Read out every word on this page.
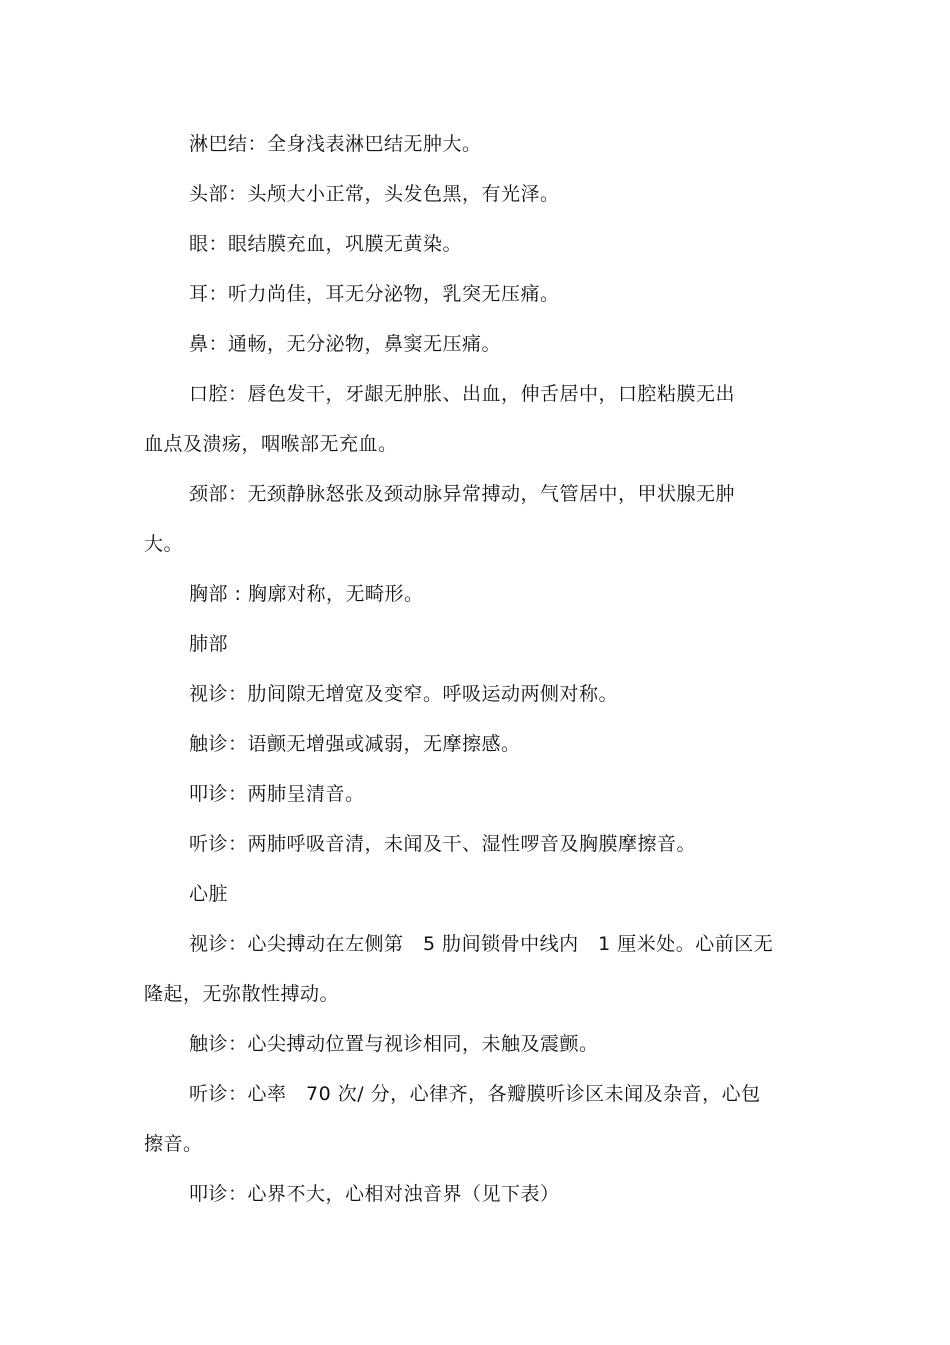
淋巴结：全身浅表淋巴结无肿大。
头部：头颅大小正常，头发色黑，有光泽。
眼：眼结膜充血，巩膜无黄染。
耳：听力尚佳，耳无分泌物，乳突无压痛。
鼻：通畅，无分泌物，鼻窦无压痛。
口腔：唇色发干，牙龈无肿胀、出血，伸舌居中，口腔粘膜无出
血点及溃疡，咽喉部无充血。
颈部：无颈静脉怒张及颈动脉异常搏动，气管居中，甲状腺无肿
大。
胸部 : 胸廓对称，无畸形。
肺部
视诊：肋间隙无增宽及变窄。呼吸运动两侧对称。
触诊：语颤无增强或减弱，无摩擦感。
叩诊：两肺呈清音。
听诊：两肺呼吸音清，未闻及干、湿性啰音及胸膜摩擦音。
心脏
视诊：心尖搏动在左侧第　5 肋间锁骨中线内　1 厘米处。心前区无
隆起，无弥散性搏动。
触诊：心尖搏动位置与视诊相同，未触及震颤。
听诊：心率　70 次/ 分，心律齐，各瓣膜听诊区未闻及杂音，心包
擦音。
叩诊：心界不大，心相对浊音界（见下表）
